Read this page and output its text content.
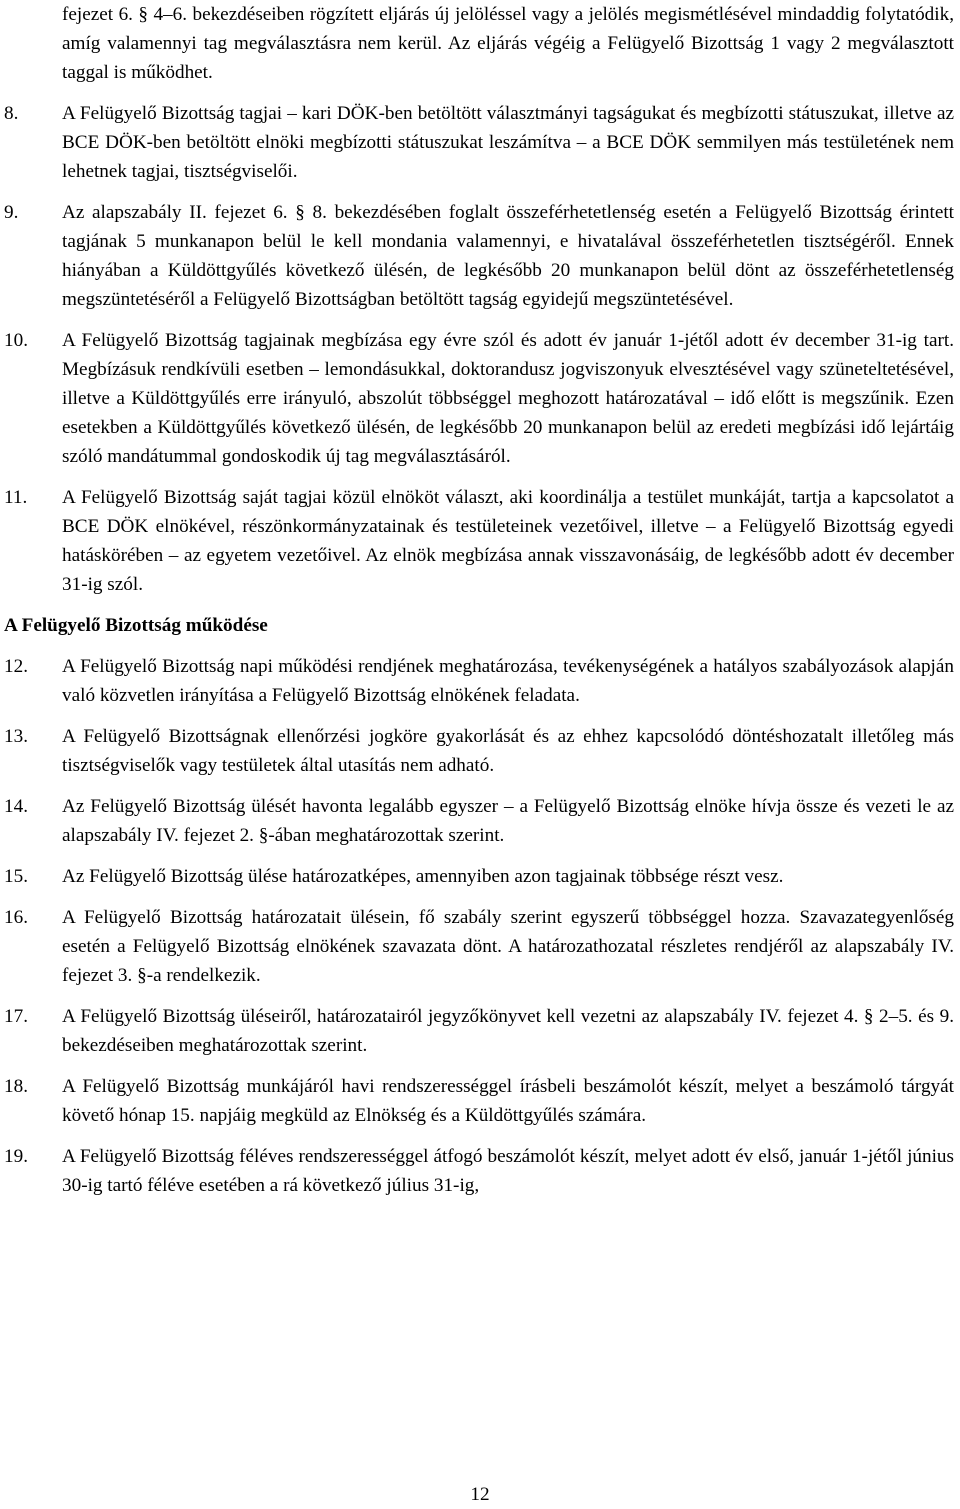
fejezet 6. § 4–6. bekezdéseiben rögzített eljárás új jelöléssel vagy a jelölés megismétlésével mindaddig folytatódik, amíg valamennyi tag megválasztásra nem kerül. Az eljárás végéig a Felügyelő Bizottság 1 vagy 2 megválasztott taggal is működhet.
8.	A Felügyelő Bizottság tagjai – kari DÖK-ben betöltött választmányi tagságukat és megbízotti státuszukat, illetve az BCE DÖK-ben betöltött elnöki megbízotti státuszukat leszámítva – a BCE DÖK semmilyen más testületének nem lehetnek tagjai, tisztségviselői.
9.	Az alapszabály II. fejezet 6. § 8. bekezdésében foglalt összeférhetetlenség esetén a Felügyelő Bizottság érintett tagjának 5 munkanapon belül le kell mondania valamennyi, e hivatalával összeférhetetlen tisztségéről. Ennek hiányában a Küldöttgyűlés következő ülésén, de legkésőbb 20 munkanapon belül dönt az összeférhetetlenség megszüntetéséről a Felügyelő Bizottságban betöltött tagság egyidejű megszüntetésével.
10.	A Felügyelő Bizottság tagjainak megbízása egy évre szól és adott év január 1-jétől adott év december 31-ig tart. Megbízásuk rendkívüli esetben – lemondásukkal, doktorandusz jogviszonyuk elvesztésével vagy szüneteltetésével, illetve a Küldöttgyűlés erre irányuló, abszolút többséggel meghozott határozatával – idő előtt is megszűnik. Ezen esetekben a Küldöttgyűlés következő ülésén, de legkésőbb 20 munkanapon belül az eredeti megbízási idő lejártáig szóló mandátummal gondoskodik új tag megválasztásáról.
11.	A Felügyelő Bizottság saját tagjai közül elnököt választ, aki koordinálja a testület munkáját, tartja a kapcsolatot a BCE DÖK elnökével, részönkormányzatainak és testületeinek vezetőivel, illetve – a Felügyelő Bizottság egyedi hatáskörében – az egyetem vezetőivel. Az elnök megbízása annak visszavonásáig, de legkésőbb adott év december 31-ig szól.
A Felügyelő Bizottság működése
12.	A Felügyelő Bizottság napi működési rendjének meghatározása, tevékenységének a hatályos szabályozások alapján való közvetlen irányítása a Felügyelő Bizottság elnökének feladata.
13.	A Felügyelő Bizottságnak ellenőrzési jogköre gyakorlását és az ehhez kapcsolódó döntéshozatalt illetőleg más tisztségviselők vagy testületek által utasítás nem adható.
14.	Az Felügyelő Bizottság ülését havonta legalább egyszer – a Felügyelő Bizottság elnöke hívja össze és vezeti le az alapszabály IV. fejezet 2. §-ában meghatározottak szerint.
15.	Az Felügyelő Bizottság ülése határozatképes, amennyiben azon tagjainak többsége részt vesz.
16.	A Felügyelő Bizottság határozatait ülésein, fő szabály szerint egyszerű többséggel hozza. Szavazategyenlőség esetén a Felügyelő Bizottság elnökének szavazata dönt. A határozathozatal részletes rendjéről az alapszabály IV. fejezet 3. §-a rendelkezik.
17.	A Felügyelő Bizottság üléseiről, határozatairól jegyzőkönyvet kell vezetni az alapszabály IV. fejezet 4. § 2–5. és 9. bekezdéseiben meghatározottak szerint.
18.	A Felügyelő Bizottság munkájáról havi rendszerességgel írásbeli beszámolót készít, melyet a beszámoló tárgyát követő hónap 15. napjáig megküld az Elnökség és a Küldöttgyűlés számára.
19.	A Felügyelő Bizottság féléves rendszerességgel átfogó beszámolót készít, melyet adott év első, január 1-jétől június 30-ig tartó féléve esetében a rá következő július 31-ig,
12
